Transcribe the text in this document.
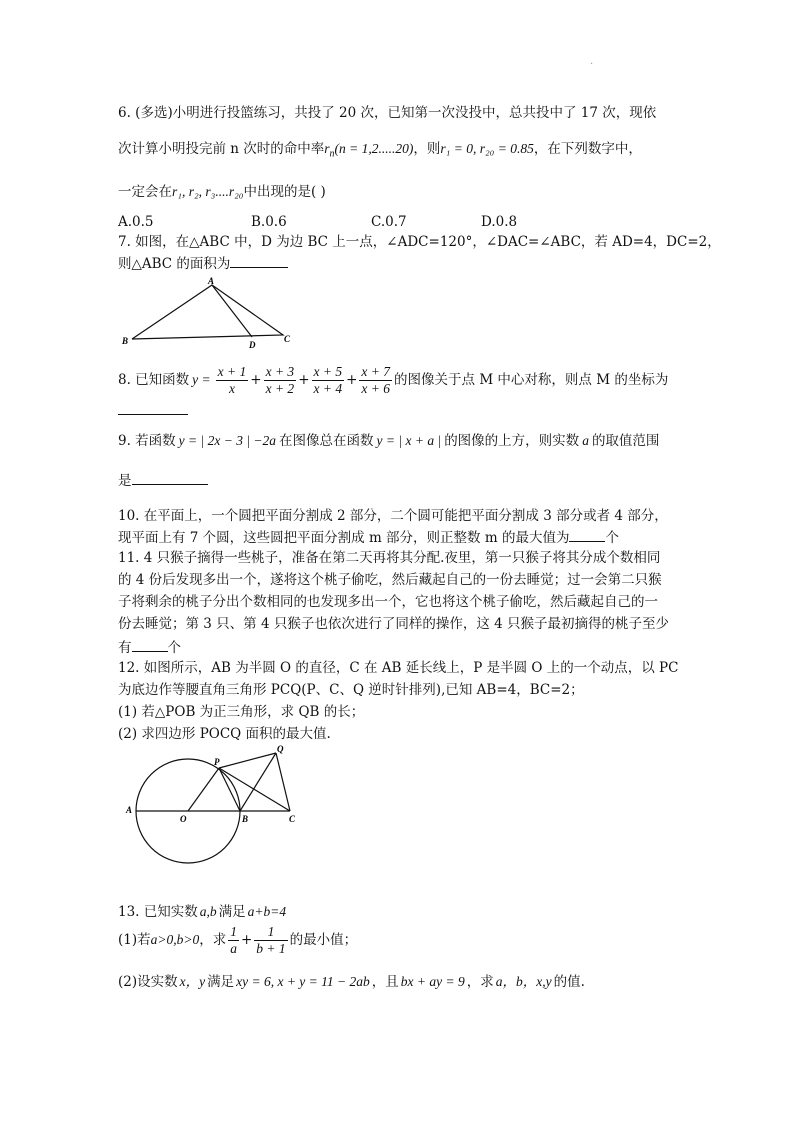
.
6. (多选)小明进行投篮练习，共投了 20 次，已知第一次没投中，总共投中了 17 次，现依
次计算小明投完前 n 次时的命中率$r_n(n = 1,2.....20)$，则r₁ = 0, r₂₀ = 0.85，在下列数字中，
一定会在r₁, r₂, r₃....r₂₀中出现的是( )
A.0.5	B.0.6	C.0.7	D.0.8
7. 如图，在△ABC 中，D 为边 BC 上一点，∠ADC=120°，∠DAC=∠ABC，若 AD=4，DC=2，
则△ABC 的面积为
A
B	D
C
8. 已知函数 $y = \frac{x + 1}{x} + \frac{x + 3}{x + 2} + \frac{x + 5}{x + 4} + \frac{x + 7}{x + 6}$ 的图像关于点 M 中心对称，则点 M 的坐标为
9. 若函数 y = | 2x − 3 | −2a 在图像总在函数 y = | x + a | 的图像的上方，则实数 a 的取值范围
是
10. 在平面上，一个圆把平面分割成 2 部分，二个圆可能把平面分割成 3 部分或者 4 部分，
现平面上有 7 个圆，这些圆把平面分割成 m 部分，则正整数 m 的最大值为	个
11. 4 只猴子摘得一些桃子，准备在第二天再将其分配.夜里，第一只猴子将其分成个数相同
的 4 份后发现多出一个，遂将这个桃子偷吃，然后藏起自己的一份去睡觉；过一会第二只猴
子将剩余的桃子分出个数相同的也发现多出一个，它也将这个桃子偷吃，然后藏起自己的一
份去睡觉；第 3 只、第 4 只猴子也依次进行了同样的操作，这 4 只猴子最初摘得的桃子至少
有	个
12. 如图所示，AB 为半圆 O 的直径，C 在 AB 延长线上，P 是半圆 O 上的一个动点，以 PC
为底边作等腰直角三角形 PCQ(P、C、Q 逆时针排列),已知 AB=4，BC=2；
(1) 若△POB 为正三角形，求 QB 的长；
(2) 求四边形 POCQ 面积的最大值.
P
Q
A
O	B	C
13. 已知实数 a,b 满足 a+b=4
(1)若 a>0,b>0 ，求 $\frac{1}{a} + \frac{1}{b + 1}$ 的最小值；
(2)设实数 x，y 满足 xy = 6, x + y = 11 − 2ab ，且 bx + ay = 9 ，求 a，b，x,y 的值.
